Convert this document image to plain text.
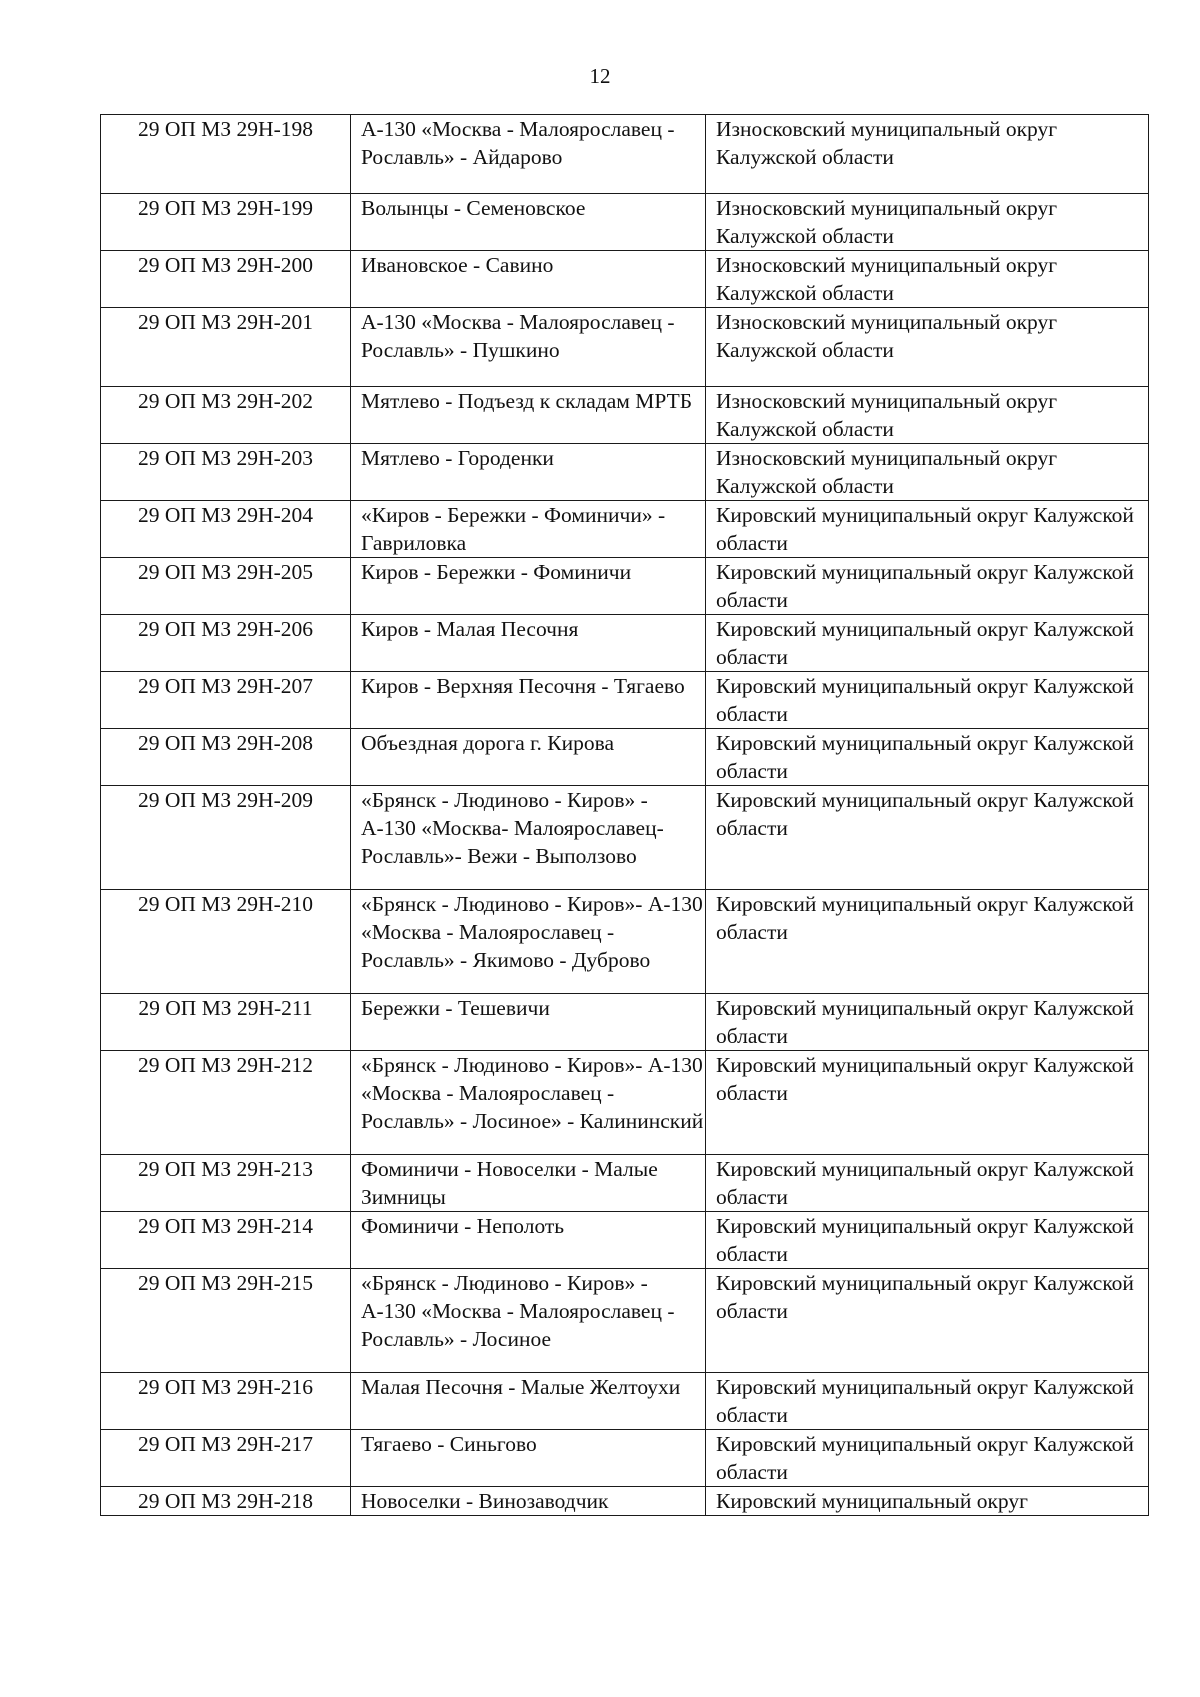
12
29 ОП МЗ 29Н-198	А-130 «Москва - Малоярославец - Рославль» - Айдарово	Износковский муниципальный округ Калужской области

29 ОП МЗ 29Н-199	Волынцы - Семеновское	Износковский муниципальный округ Калужской области

29 ОП МЗ 29Н-200	Ивановское - Савино	Износковский муниципальный округ Калужской области

29 ОП МЗ 29Н-201	А-130 «Москва - Малоярославец - Рославль» - Пушкино	Износковский муниципальный округ Калужской области

29 ОП МЗ 29Н-202	Мятлево - Подъезд к складам МРТБ	Износковский муниципальный округ Калужской области

29 ОП МЗ 29Н-203	Мятлево - Городенки	Износковский муниципальный округ Калужской области

29 ОП МЗ 29Н-204	«Киров - Бережки - Фоминичи» - Гавриловка	Кировский муниципальный округ Калужской области

29 ОП МЗ 29Н-205	Киров - Бережки - Фоминичи	Кировский муниципальный округ Калужской области

29 ОП МЗ 29Н-206	Киров - Малая Песочня	Кировский муниципальный округ Калужской области

29 ОП МЗ 29Н-207	Киров - Верхняя Песочня - Тягаево	Кировский муниципальный округ Калужской области

29 ОП МЗ 29Н-208	Объездная дорога г. Кирова	Кировский муниципальный округ Калужской области

29 ОП МЗ 29Н-209	«Брянск - Людиново - Киров» - А-130 «Москва- Малоярославец-Рославль»- Вежи - Выползово	Кировский муниципальный округ Калужской области

29 ОП МЗ 29Н-210	«Брянск - Людиново - Киров»- А-130 «Москва - Малоярославец - Рославль» - Якимово - Дуброво	Кировский муниципальный округ Калужской области

29 ОП МЗ 29Н-211	Бережки - Тешевичи	Кировский муниципальный округ Калужской области

29 ОП МЗ 29Н-212	«Брянск - Людиново - Киров»- А-130 «Москва - Малоярославец - Рославль» - Лосиное» - Калининский	Кировский муниципальный округ Калужской области

29 ОП МЗ 29Н-213	Фоминичи - Новоселки - Малые Зимницы	Кировский муниципальный округ Калужской области

29 ОП МЗ 29Н-214	Фоминичи - Неполоть	Кировский муниципальный округ Калужской области

29 ОП МЗ 29Н-215	«Брянск - Людиново - Киров» - А-130 «Москва - Малоярославец - Рославль» - Лосиное	Кировский муниципальный округ Калужской области

29 ОП МЗ 29Н-216	Малая Песочня - Малые Желтоухи	Кировский муниципальный округ Калужской области

29 ОП МЗ 29Н-217	Тягаево - Синьгово	Кировский муниципальный округ Калужской области

29 ОП МЗ 29Н-218	Новоселки - Винозаводчик	Кировский муниципальный округ
